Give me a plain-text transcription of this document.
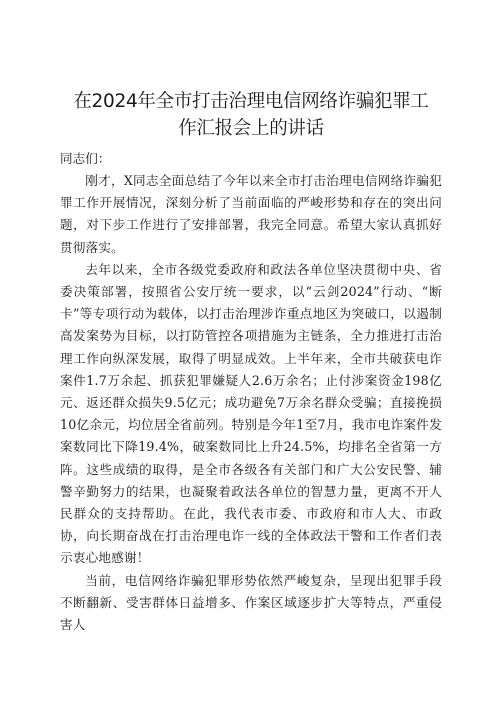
在2024年全市打击治理电信网络诈骗犯罪工
作汇报会上的讲话

同志们：

刚才，X同志全面总结了今年以来全市打击治理电信网络诈骗犯罪工作开展情况，深刻分析了当前面临的严峻形势和存在的突出问题，对下步工作进行了安排部署，我完全同意。希望大家认真抓好贯彻落实。

去年以来，全市各级党委政府和政法各单位坚决贯彻中央、省委决策部署，按照省公安厅统一要求，以“云剑2024”行动、“断卡”等专项行动为载体，以打击治理涉诈重点地区为突破口，以遏制高发案势为目标，以打防管控各项措施为主链条，全力推进打击治理工作向纵深发展，取得了明显成效。上半年来，全市共破获电诈案件1.7万余起、抓获犯罪嫌疑人2.6万余名；止付涉案资金198亿元、返还群众损失9.5亿元；成功避免7万余名群众受骗；直接挽损10亿余元，均位居全省前列。特别是今年1至7月，我市电诈案件发案数同比下降19.4%，破案数同比上升24.5%，均排名全省第一方阵。这些成绩的取得，是全市各级各有关部门和广大公安民警、辅警辛勤努力的结果，也凝聚着政法各单位的智慧力量，更离不开人民群众的支持帮助。在此，我代表市委、市政府和市人大、市政协，向长期奋战在打击治理电诈一线的全体政法干警和工作者们表示衷心地感谢！

当前，电信网络诈骗犯罪形势依然严峻复杂，呈现出犯罪手段不断翻新、受害群体日益增多、作案区域逐步扩大等特点，严重侵害人
